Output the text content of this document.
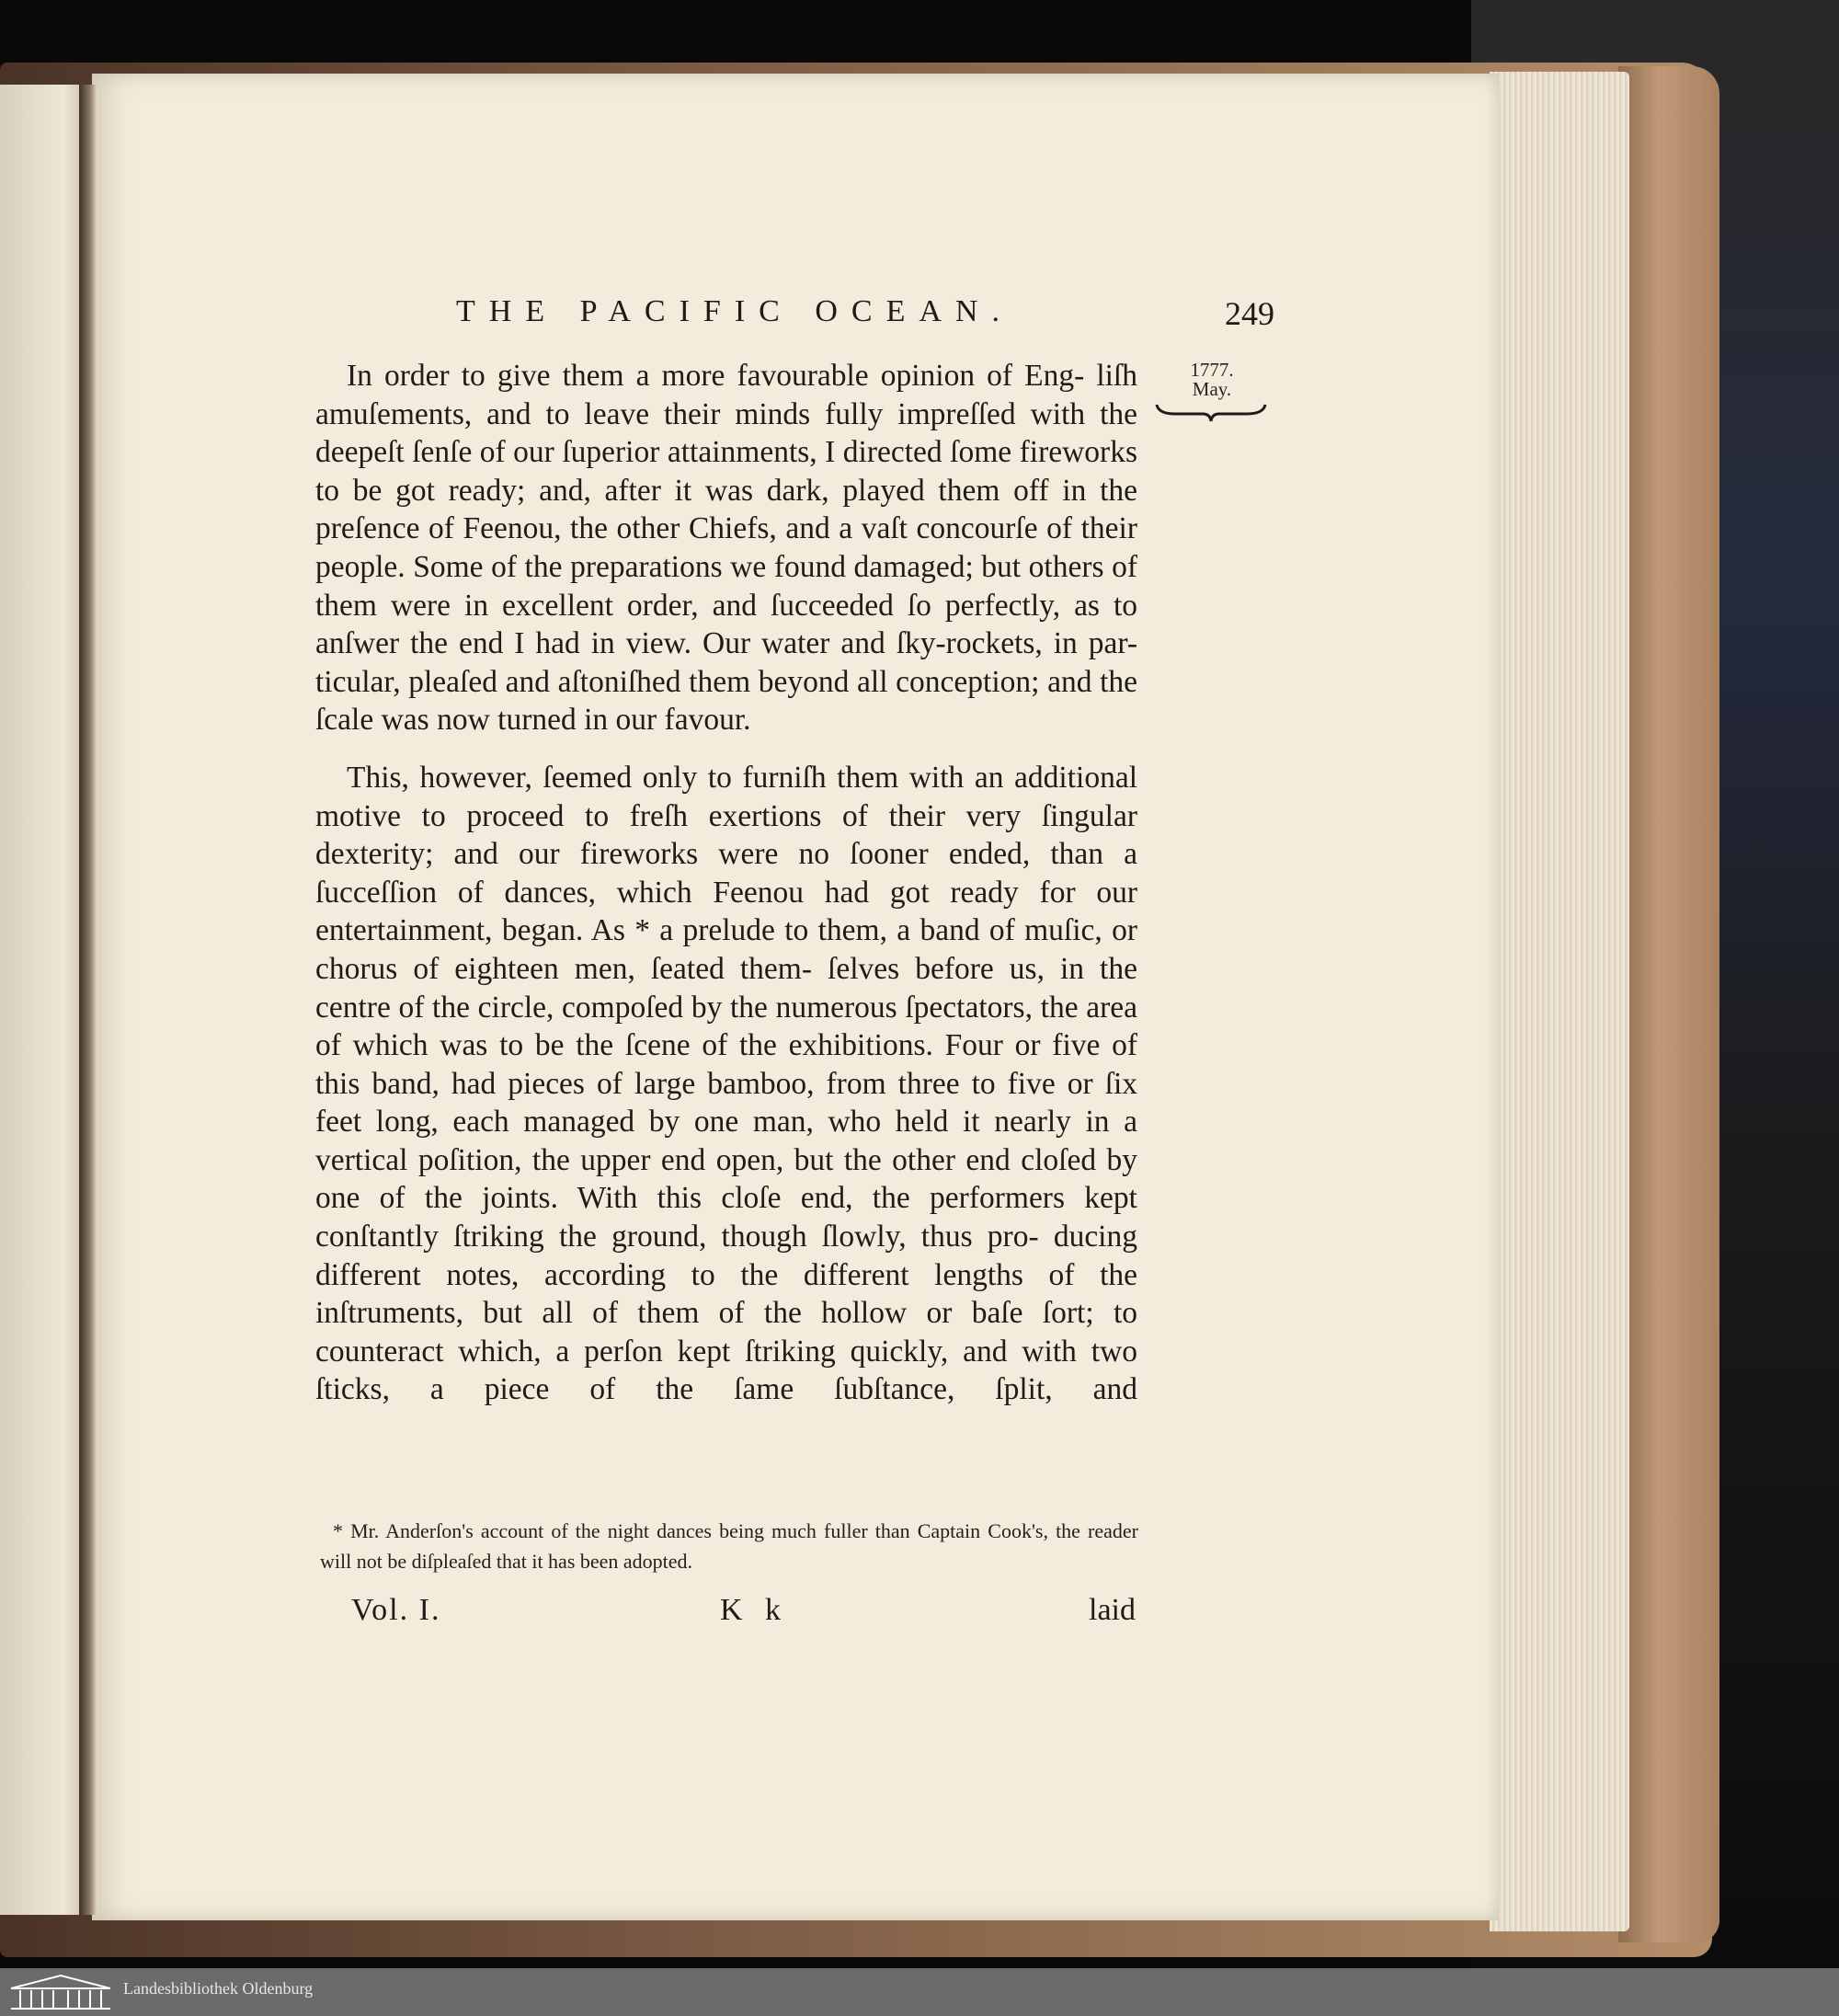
THE PACIFIC OCEAN.	249
1777.
May.

In order to give them a more favourable opinion of Eng- liſh amuſements, and to leave their minds fully impreſſed with the deepeſt ſenſe of our ſuperior attainments, I directed ſome fireworks to be got ready; and, after it was dark, played them off in the preſence of Feenou, the other Chiefs, and a vaſt concourſe of their people. Some of the preparations we found damaged; but others of them were in excellent order, and ſucceeded ſo perfectly, as to anſwer the end I had in view. Our water and ſky-rockets, in par- ticular, pleaſed and aſtoniſhed them beyond all conception; and the ſcale was now turned in our favour.

This, however, ſeemed only to furniſh them with an additional motive to proceed to freſh exertions of their very ſingular dexterity; and our fireworks were no ſooner ended, than a ſucceſſion of dances, which Feenou had got ready for our entertainment, began. As * a prelude to them, a band of muſic, or chorus of eighteen men, ſeated them- ſelves before us, in the centre of the circle, compoſed by the numerous ſpectators, the area of which was to be the ſcene of the exhibitions. Four or five of this band, had pieces of large bamboo, from three to five or ſix feet long, each managed by one man, who held it nearly in a vertical poſition, the upper end open, but the other end cloſed by one of the joints. With this cloſe end, the performers kept conſtantly ſtriking the ground, though ſlowly, thus pro- ducing different notes, according to the different lengths of the inſtruments, but all of them of the hollow or baſe ſort; to counteract which, a perſon kept ſtriking quickly, and with two ſticks, a piece of the ſame ſubſtance, ſplit, and

* Mr. Anderſon's account of the night dances being much fuller than Captain Cook's, the reader will not be diſpleaſed that it has been adopted.
Vol. I.	K k	laid
Landesbibliothek Oldenburg
